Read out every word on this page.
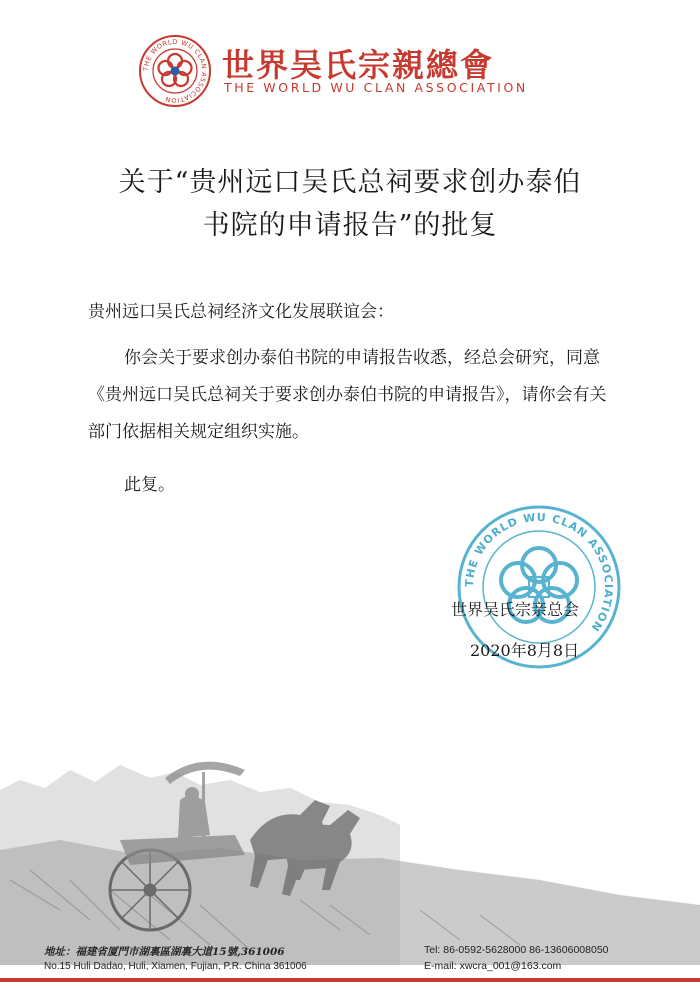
THE WORLD WU CLAN ASSOCIATION
世界吴氏宗親總會
THE WORLD WU CLAN ASSOCIATION
关于“贵州远口吴氏总祠要求创办泰伯
书院的申请报告”的批复
贵州远口吴氏总祠经济文化发展联谊会：
你会关于要求创办泰伯书院的申请报告收悉，经总会研究，同意《贵州远口吴氏总祠关于要求创办泰伯书院的申请报告》，请你会有关部门依据相关规定组织实施。
此复。
THE WORLD WU CLAN ASSOCIATION
世界吴氏宗亲总会
2020年8月8日
地址：福建省厦門市湖裏區湖裏大道15號,361006
No.15 Huli Dadao, Huli, Xiamen, Fujian, P.R. China 361006
Tel: 86-0592-5628000 86-13606008050
E-mail: xwcra_001@163.com
